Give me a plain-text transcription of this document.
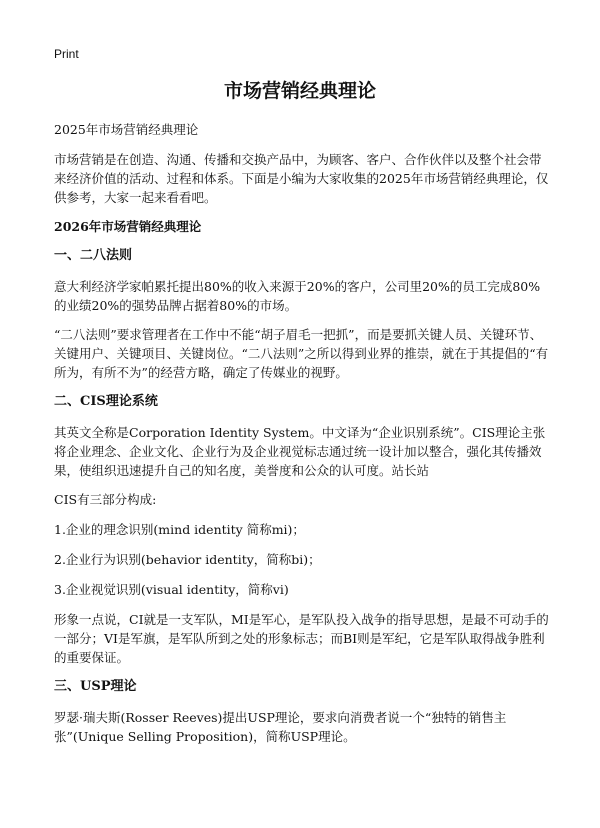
Print
市场营销经典理论

2025年市场营销经典理论

市场营销是在创造、沟通、传播和交换产品中，为顾客、客户、合作伙伴以及整个社会带来经济价值的活动、过程和体系。下面是小编为大家收集的2025年市场营销经典理论，仅供参考，大家一起来看看吧。

2026年市场营销经典理论
一、二八法则

意大利经济学家帕累托提出80%的收入来源于20%的客户，公司里20%的员工完成80%的业绩20%的强势品牌占据着80%的市场。

“二八法则”要求管理者在工作中不能“胡子眉毛一把抓”，而是要抓关键人员、关键环节、关键用户、关键项目、关键岗位。“二八法则”之所以得到业界的推崇，就在于其提倡的“有所为，有所不为”的经营方略，确定了传媒业的视野。

二、CIS理论系统

其英文全称是Corporation Identity System。中文译为“企业识别系统”。CIS理论主张将企业理念、企业文化、企业行为及企业视觉标志通过统一设计加以整合，强化其传播效果，使组织迅速提升自己的知名度，美誉度和公众的认可度。站长站

CIS有三部分构成:

1.企业的理念识别(mind identity 简称mi)；

2.企业行为识别(behavior identity，简称bi)；

3.企业视觉识别(visual identity，简称vi)

形象一点说，CI就是一支军队，MI是军心，是军队投入战争的指导思想，是最不可动手的一部分；VI是军旗，是军队所到之处的形象标志；而BI则是军纪，它是军队取得战争胜利的重要保证。

三、USP理论

罗瑟·瑞夫斯(Rosser Reeves)提出USP理论，要求向消费者说一个“独特的销售主张”(Unique Selling Proposition)，简称USP理论。
